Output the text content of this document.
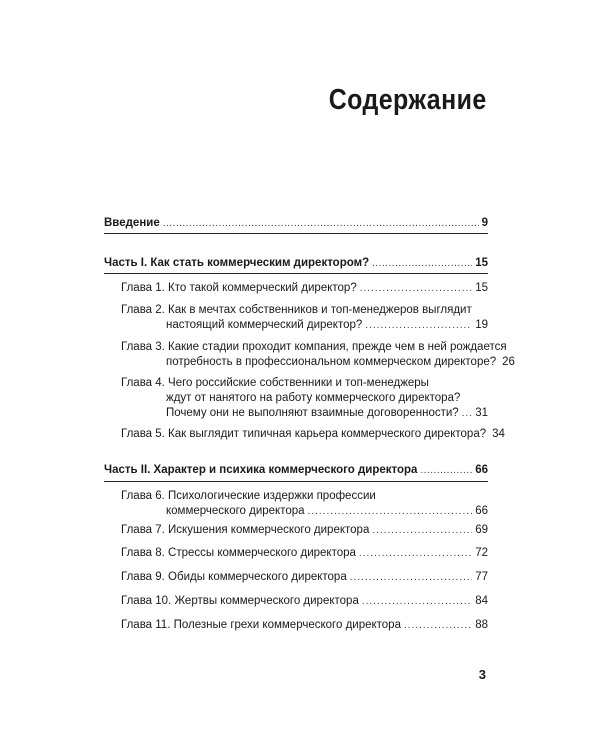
Содержание
Введение .....	9
Часть I. Как стать коммерческим директором? .....	15
Глава 1. Кто такой коммерческий директор? .....	15
Глава 2. Как в мечтах собственников и топ-менеджеров выглядит
настоящий коммерческий директор? .....	19
Глава 3. Какие стадии проходит компания, прежде чем в ней рождается
потребность в профессиональном коммерческом директоре? 26
Глава 4. Чего российские собственники и топ-менеджеры
ждут от нанятого на работу коммерческого директора?
Почему они не выполняют взаимные договоренности? ..... 31
Глава 5. Как выглядит типичная карьера коммерческого директора? 34
Часть II. Характер и психика коммерческого директора .....	66
Глава 6. Психологические издержки профессии
коммерческого директора .....	66
Глава 7. Искушения коммерческого директора .....	69
Глава 8. Стрессы коммерческого директора .....	72
Глава 9. Обиды коммерческого директора .....	77
Глава 10. Жертвы коммерческого директора .....	84
Глава 11. Полезные грехи коммерческого директора .....	88
3
